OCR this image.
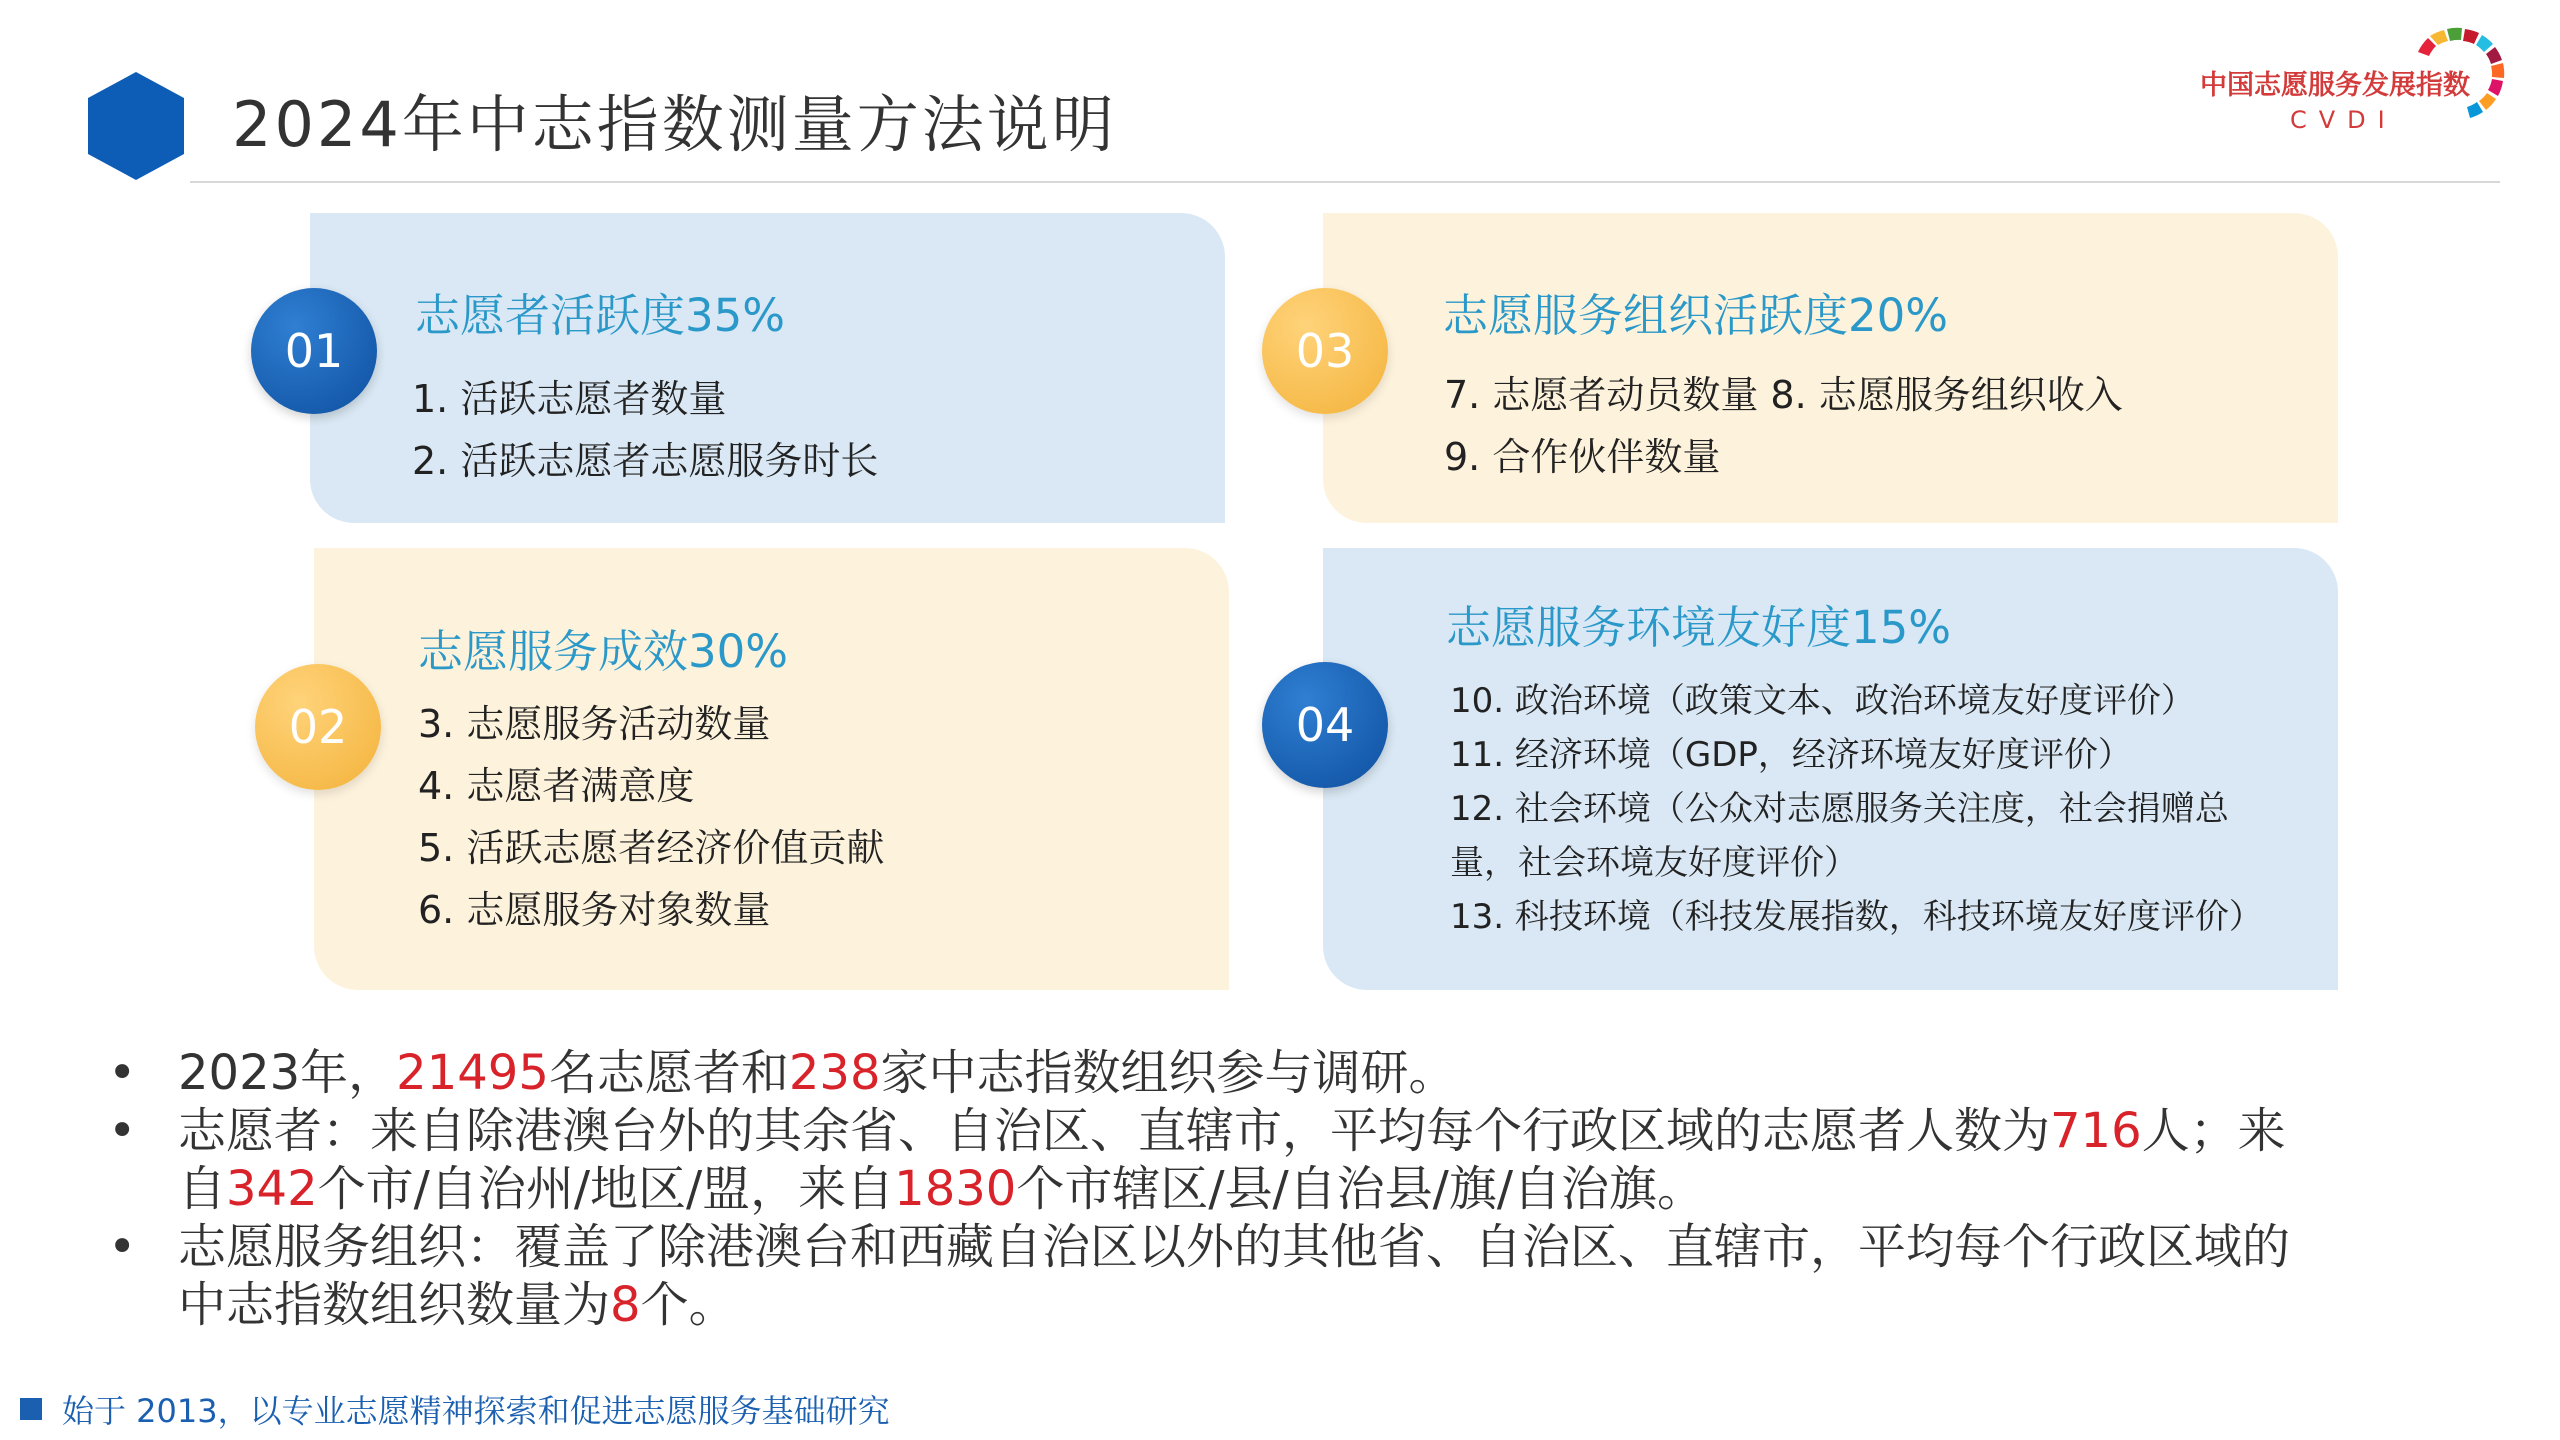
2024年中志指数测量方法说明
中国志愿服务发展指数
CVDI
01
志愿者活跃度35%
1. 活跃志愿者数量
2. 活跃志愿者志愿服务时长
03
志愿服务组织活跃度20%
7. 志愿者动员数量 8. 志愿服务组织收入
9. 合作伙伴数量
02
志愿服务成效30%
3. 志愿服务活动数量
4. 志愿者满意度
5. 活跃志愿者经济价值贡献
6. 志愿服务对象数量
04
志愿服务环境友好度15%
10. 政治环境（政策文本、政治环境友好度评价）
11. 经济环境（GDP，经济环境友好度评价）
12. 社会环境（公众对志愿服务关注度，社会捐赠总
量，社会环境友好度评价）
13. 科技环境（科技发展指数，科技环境友好度评价）
• 2023年，21495名志愿者和238家中志指数组织参与调研。
• 志愿者：来自除港澳台外的其余省、自治区、直辖市，平均每个行政区域的志愿者人数为716人；来
自342个市/自治州/地区/盟，来自1830个市辖区/县/自治县/旗/自治旗。
• 志愿服务组织：覆盖了除港澳台和西藏自治区以外的其他省、自治区、直辖市，平均每个行政区域的
中志指数组织数量为8个。
始于 2013，以专业志愿精神探索和促进志愿服务基础研究
